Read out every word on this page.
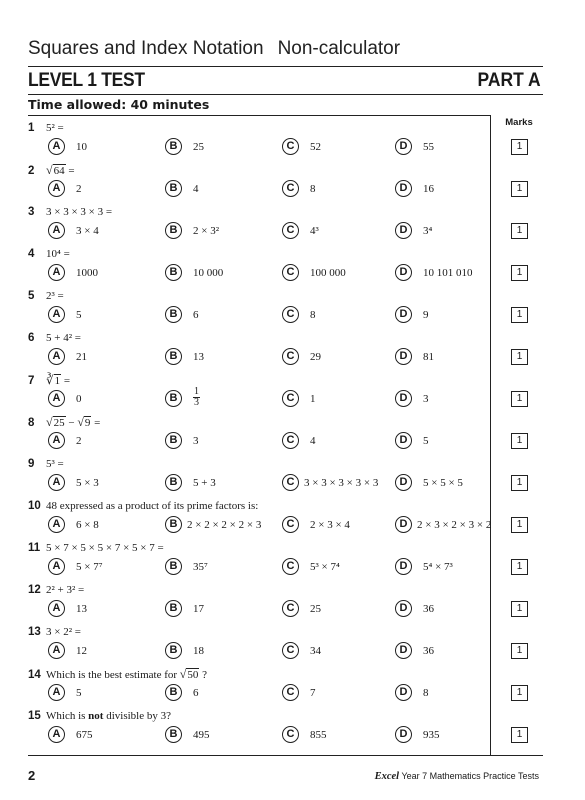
Squares and Index Notation Non-calculator
LEVEL 1 TEST	PART A
Time allowed: 40 minutes
Marks
1 5² =
A	10	B	25	C	52	D	55	1
2 √64 =
A	2	B	4	C	8	D	16	1
3 3 × 3 × 3 × 3 =
A	3 × 4	B	2 × 3²	C	4³	D	3⁴	1
4 10⁴ =
A	1000	B	10 000	C	100 000	D	10 101 010	1
5 2³ =
A	5	B	6	C	8	D	9	1
6 5 + 4² =
A	21	B	13	C	29	D	81	1
7 ∛1 =
A	0	B	$\frac{1}{3}$	C	1	D	3	1
8 √25 − √9 =
A	2	B	3	C	4	D	5	1
9 5³ =
A	5 × 3	B	5 + 3	C 3 × 3 × 3 × 3 × 3	D	5 × 5 × 5	1
10 48 expressed as a product of its prime factors is:
A	6 × 8	B 2 × 2 × 2 × 2 × 3	C	2 × 3 × 4	D 2 × 3 × 2 × 3 × 2	1
11 5 × 7 × 5 × 5 × 7 × 5 × 7 =
A	5 × 7⁷	B	35⁷	C	5³ × 7⁴	D	5⁴ × 7³	1
12 2² + 3² =
A	13	B	17	C	25	D	36	1
13 3 × 2² =
A	12	B	18	C	34	D	36	1
14 Which is the best estimate for √50 ?
A	5	B	6	C	7	D	8	1
15 Which is not divisible by 3?
A	675	B	495	C	855	D	935	1
2	Excel Year 7 Mathematics Practice Tests
